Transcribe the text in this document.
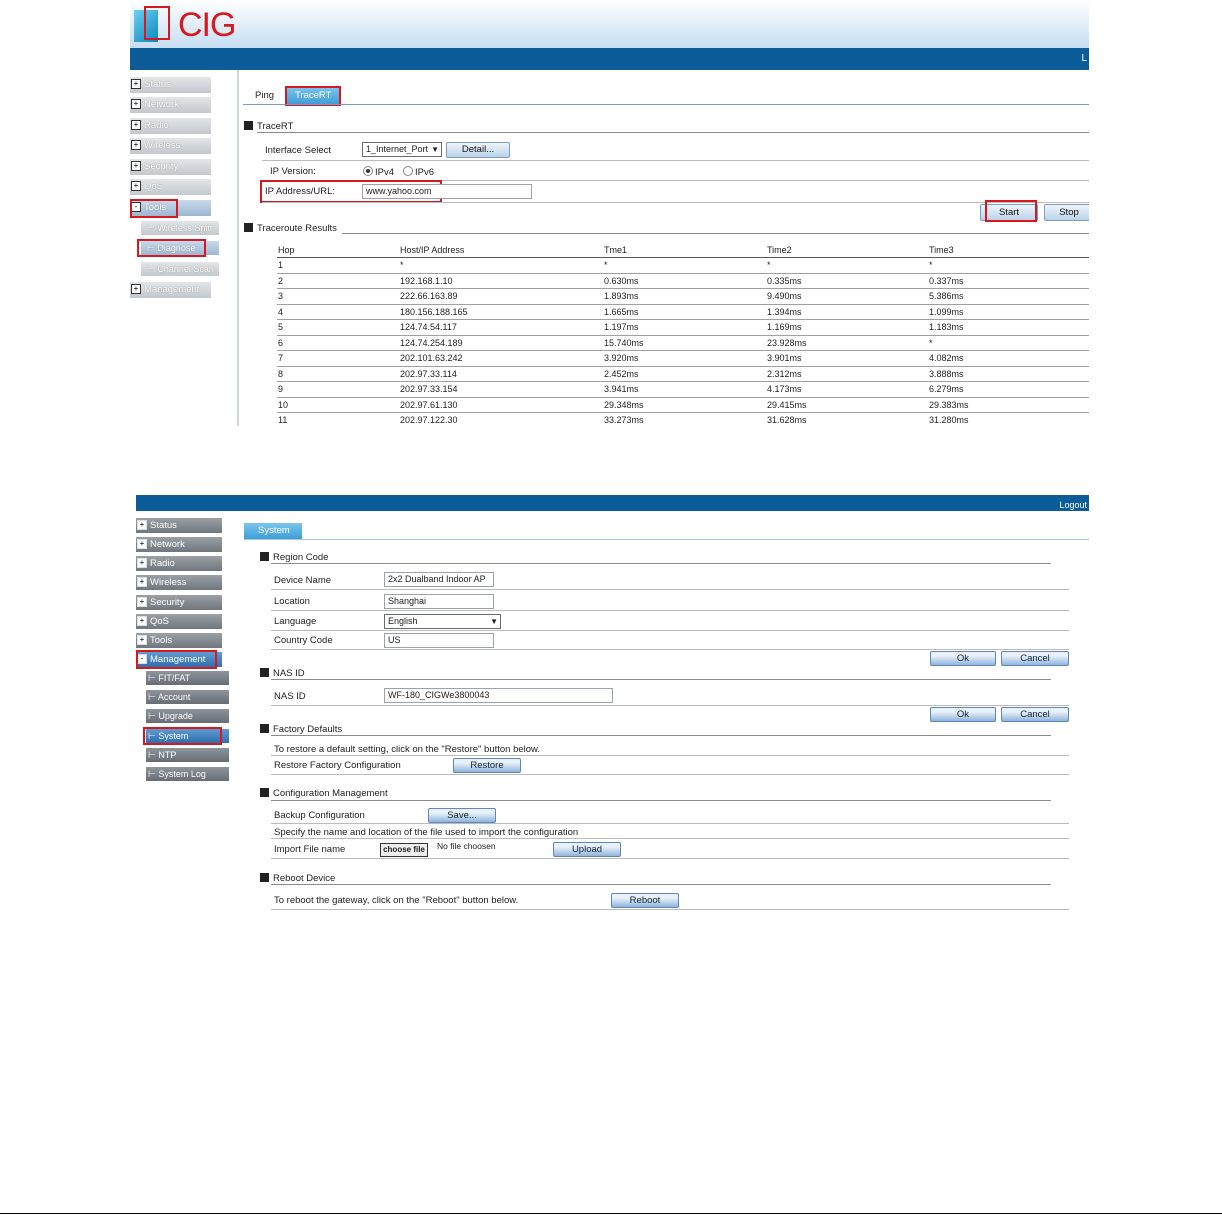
CIG
L
+ Status
+ Network
+ Radio
+ Wireless
+ Security
+ QoS
- Tools
⊢ Wireless Sniff
⊢ Diagnose
⊢ Channel Scan
+ Management
Ping	TraceRT
TraceRT
Interface Select	1_Internet_Port ▼	Detail...
IP Version:	IPv4	IPv6
IP Address/URL:	www.yahoo.com
Start	Stop
Traceroute Results
Hop	Host/IP Address	Tme1	Time2	Time3
1	*	*	*	*
2	192.168.1.10	0.630ms	0.335ms	0.337ms
3	222.66.163.89	1.893ms	9.490ms	5.386ms
4	180.156.188.165	1.665ms	1.394ms	1.099ms
5	124.74.54.117	1.197ms	1.169ms	1.183ms
6	124.74.254.189	15.740ms	23.928ms	*
7	202.101.63.242	3.920ms	3.901ms	4.082ms
8	202.97.33.114	2.452ms	2.312ms	3.888ms
9	202.97.33.154	3.941ms	4.173ms	6.279ms
10	202.97.61.130	29.348ms	29.415ms	29.383ms
11	202.97.122.30	33.273ms	31.628ms	31.280ms
Logout
+ Status
+ Network
+ Radio
+ Wireless
+ Security
+ QoS
+ Tools
- Management
⊢ FIT/FAT
⊢ Account
⊢ Upgrade
⊢ System
⊢ NTP
⊢ System Log
System
Region Code
Device Name	2x2 Dualband Indoor AP
Location	Shanghai
Language	English	▼
Country Code	US
Ok	Cancel
NAS ID
NAS ID	WF-180_CIGWe3800043
Ok	Cancel
Factory Defaults
To restore a default setting, click on the "Restore" button below.
Restore Factory Configuration	Restore
Configuration Management
Backup Configuration	Save...
Specify the name and location of the file used to import the configuration
Import File name	choose file	No file choosen	Upload
Reboot Device
To reboot the gateway, click on the "Reboot" button below.	Reboot
